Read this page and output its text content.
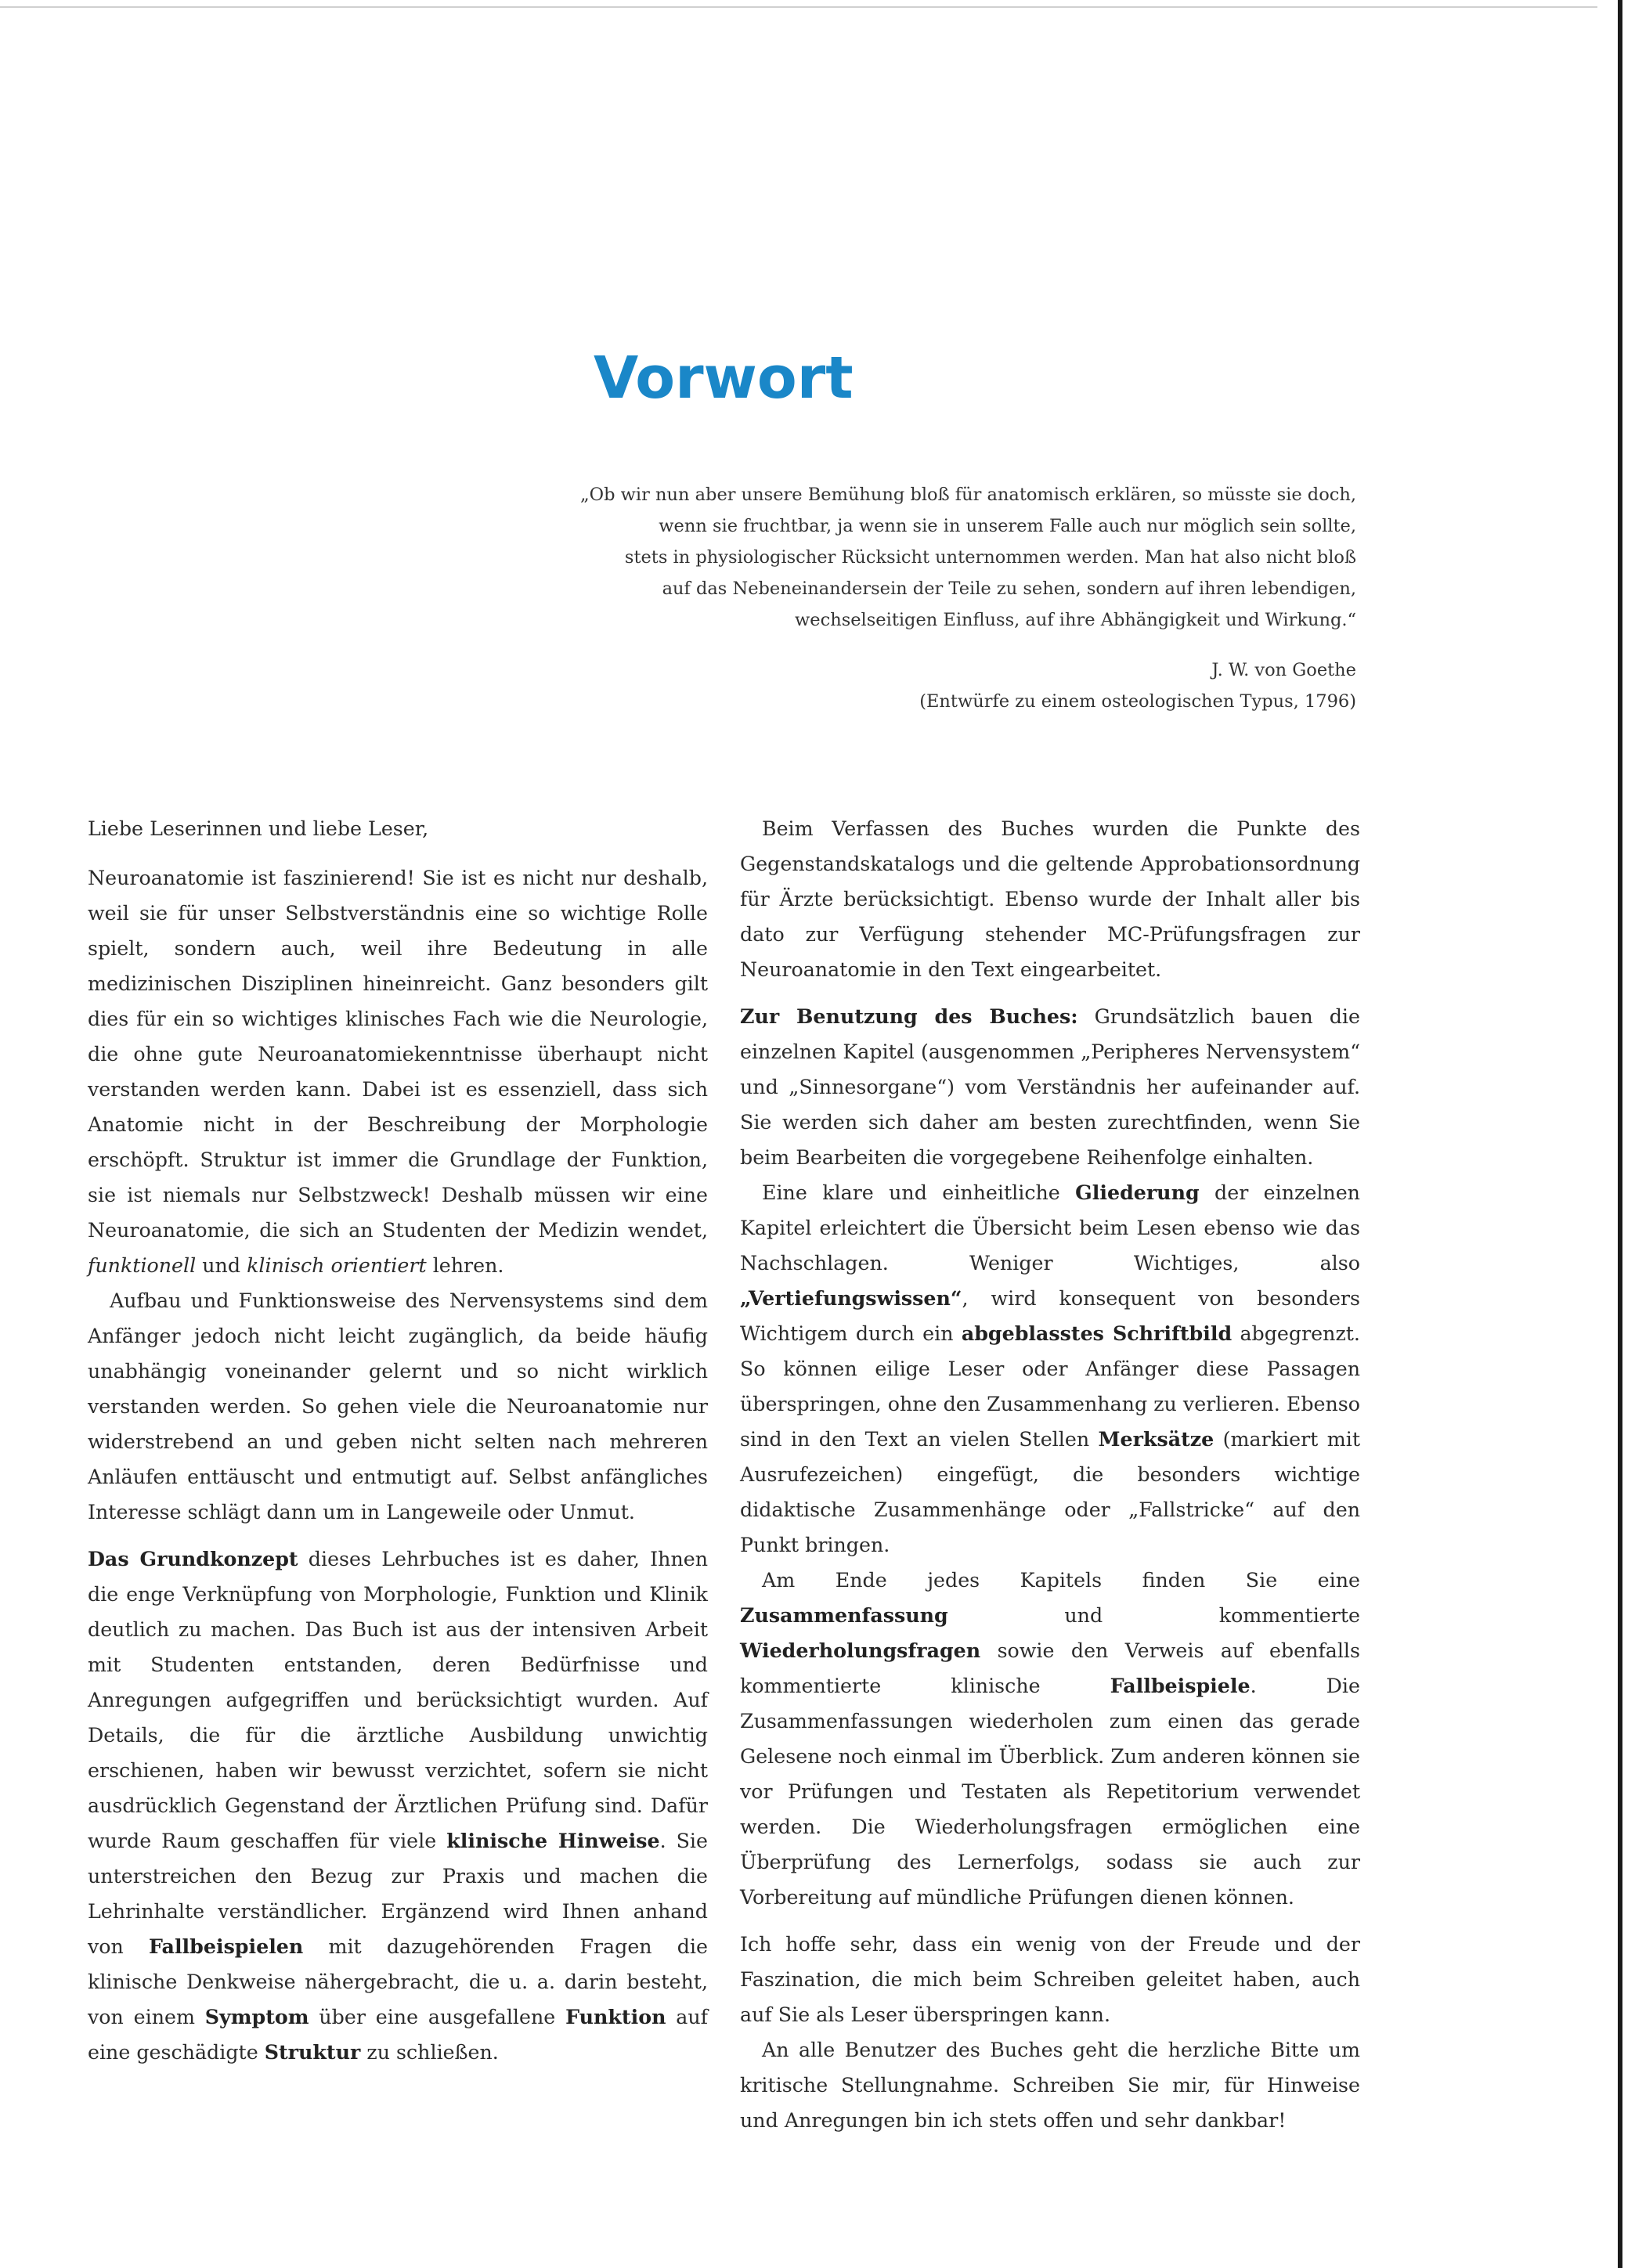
Vorwort
„Ob wir nun aber unsere Bemühung bloß für anatomisch erklären, so müsste sie doch,
wenn sie fruchtbar, ja wenn sie in unserem Falle auch nur möglich sein sollte,
stets in physiologischer Rücksicht unternommen werden. Man hat also nicht bloß
auf das Nebeneinandersein der Teile zu sehen, sondern auf ihren lebendigen,
wechselseitigen Einfluss, auf ihre Abhängigkeit und Wirkung.“
J. W. von Goethe
(Entwürfe zu einem osteologischen Typus, 1796)

Liebe Leserinnen und liebe Leser,

Neuroanatomie ist faszinierend! Sie ist es nicht nur deshalb, weil sie für unser Selbstverständnis eine so wichtige Rolle spielt, sondern auch, weil ihre Bedeutung in alle medizinischen Disziplinen hineinreicht. Ganz besonders gilt dies für ein so wichtiges klinisches Fach wie die Neurologie, die ohne gute Neuroanatomiekenntnisse überhaupt nicht verstanden werden kann. Dabei ist es essenziell, dass sich Anatomie nicht in der Beschreibung der Morphologie erschöpft. Struktur ist immer die Grundlage der Funktion, sie ist niemals nur Selbstzweck! Deshalb müssen wir eine Neuroanatomie, die sich an Studenten der Medizin wendet, funktionell und klinisch orientiert lehren.

Aufbau und Funktionsweise des Nervensystems sind dem Anfänger jedoch nicht leicht zugänglich, da beide häufig unabhängig voneinander gelernt und so nicht wirklich verstanden werden. So gehen viele die Neuroanatomie nur widerstrebend an und geben nicht selten nach mehreren Anläufen enttäuscht und entmutigt auf. Selbst anfängliches Interesse schlägt dann um in Langeweile oder Unmut.

Das Grundkonzept dieses Lehrbuches ist es daher, Ihnen die enge Verknüpfung von Morphologie, Funktion und Klinik deutlich zu machen. Das Buch ist aus der intensiven Arbeit mit Studenten entstanden, deren Bedürfnisse und Anregungen aufgegriffen und berücksichtigt wurden. Auf Details, die für die ärztliche Ausbildung unwichtig erschienen, haben wir bewusst verzichtet, sofern sie nicht ausdrücklich Gegenstand der Ärztlichen Prüfung sind. Dafür wurde Raum geschaffen für viele klinische Hinweise. Sie unterstreichen den Bezug zur Praxis und machen die Lehrinhalte verständlicher. Ergänzend wird Ihnen anhand von Fallbeispielen mit dazugehörenden Fragen die klinische Denkweise nähergebracht, die u. a. darin besteht, von einem Symptom über eine ausgefallene Funktion auf eine geschädigte Struktur zu schließen.

Beim Verfassen des Buches wurden die Punkte des Gegenstandskatalogs und die geltende Approbationsordnung für Ärzte berücksichtigt. Ebenso wurde der Inhalt aller bis dato zur Verfügung stehender MC-Prüfungsfragen zur Neuroanatomie in den Text eingearbeitet.

Zur Benutzung des Buches: Grundsätzlich bauen die einzelnen Kapitel (ausgenommen „Peripheres Nervensystem“ und „Sinnesorgane“) vom Verständnis her aufeinander auf. Sie werden sich daher am besten zurechtfinden, wenn Sie beim Bearbeiten die vorgegebene Reihenfolge einhalten.

Eine klare und einheitliche Gliederung der einzelnen Kapitel erleichtert die Übersicht beim Lesen ebenso wie das Nachschlagen. Weniger Wichtiges, also „Vertiefungswissen“, wird konsequent von besonders Wichtigem durch ein abgeblasstes Schriftbild abgegrenzt. So können eilige Leser oder Anfänger diese Passagen überspringen, ohne den Zusammenhang zu verlieren. Ebenso sind in den Text an vielen Stellen Merksätze (markiert mit Ausrufezeichen) eingefügt, die besonders wichtige didaktische Zusammenhänge oder „Fallstricke“ auf den Punkt bringen.

Am Ende jedes Kapitels finden Sie eine Zusammenfassung	und kommentierte Wiederholungsfragen sowie den Verweis auf ebenfalls kommentierte klinische	Fallbeispiele. Die Zusammenfassungen wiederholen zum einen das gerade Gelesene noch einmal im Überblick. Zum anderen können sie vor Prüfungen und Testaten als Repetitorium verwendet werden. Die Wiederholungsfragen ermöglichen eine Überprüfung des Lernerfolgs, sodass sie auch zur Vorbereitung auf mündliche Prüfungen dienen können.

Ich hoffe sehr, dass ein wenig von der Freude und der Faszination, die mich beim Schreiben geleitet haben, auch auf Sie als Leser überspringen kann.

An alle Benutzer des Buches geht die herzliche Bitte um kritische Stellungnahme. Schreiben Sie mir, für Hinweise und Anregungen bin ich stets offen und sehr dankbar!
